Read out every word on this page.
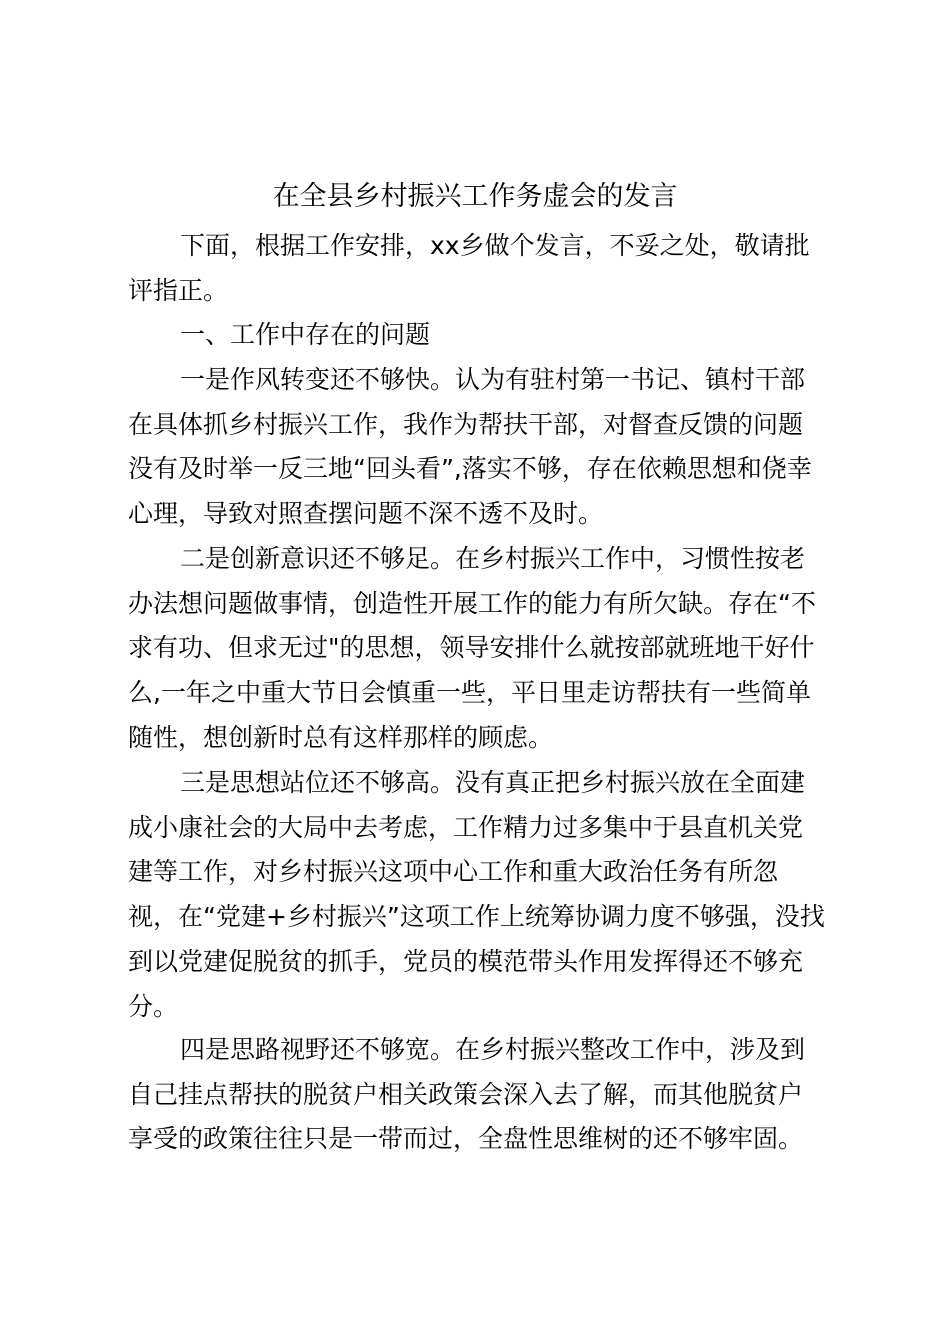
在全县乡村振兴工作务虚会的发言

下面，根据工作安排，xx乡做个发言，不妥之处，敬请批
评指正。

一、工作中存在的问题

一是作风转变还不够快。认为有驻村第一书记、镇村干部
在具体抓乡村振兴工作，我作为帮扶干部，对督查反馈的问题
没有及时举一反三地“回头看”,落实不够，存在依赖思想和侥幸
心理，导致对照查摆问题不深不透不及时。

二是创新意识还不够足。在乡村振兴工作中，习惯性按老
办法想问题做事情，创造性开展工作的能力有所欠缺。存在“不
求有功、但求无过"的思想，领导安排什么就按部就班地干好什
么,一年之中重大节日会慎重一些，平日里走访帮扶有一些简单
随性，想创新时总有这样那样的顾虑。

三是思想站位还不够高。没有真正把乡村振兴放在全面建
成小康社会的大局中去考虑，工作精力过多集中于县直机关党
建等工作，对乡村振兴这项中心工作和重大政治任务有所忽
视，在“党建+乡村振兴”这项工作上统筹协调力度不够强，没找
到以党建促脱贫的抓手，党员的模范带头作用发挥得还不够充
分。

四是思路视野还不够宽。在乡村振兴整改工作中，涉及到
自己挂点帮扶的脱贫户相关政策会深入去了解，而其他脱贫户
享受的政策往往只是一带而过，全盘性思维树的还不够牢固。
